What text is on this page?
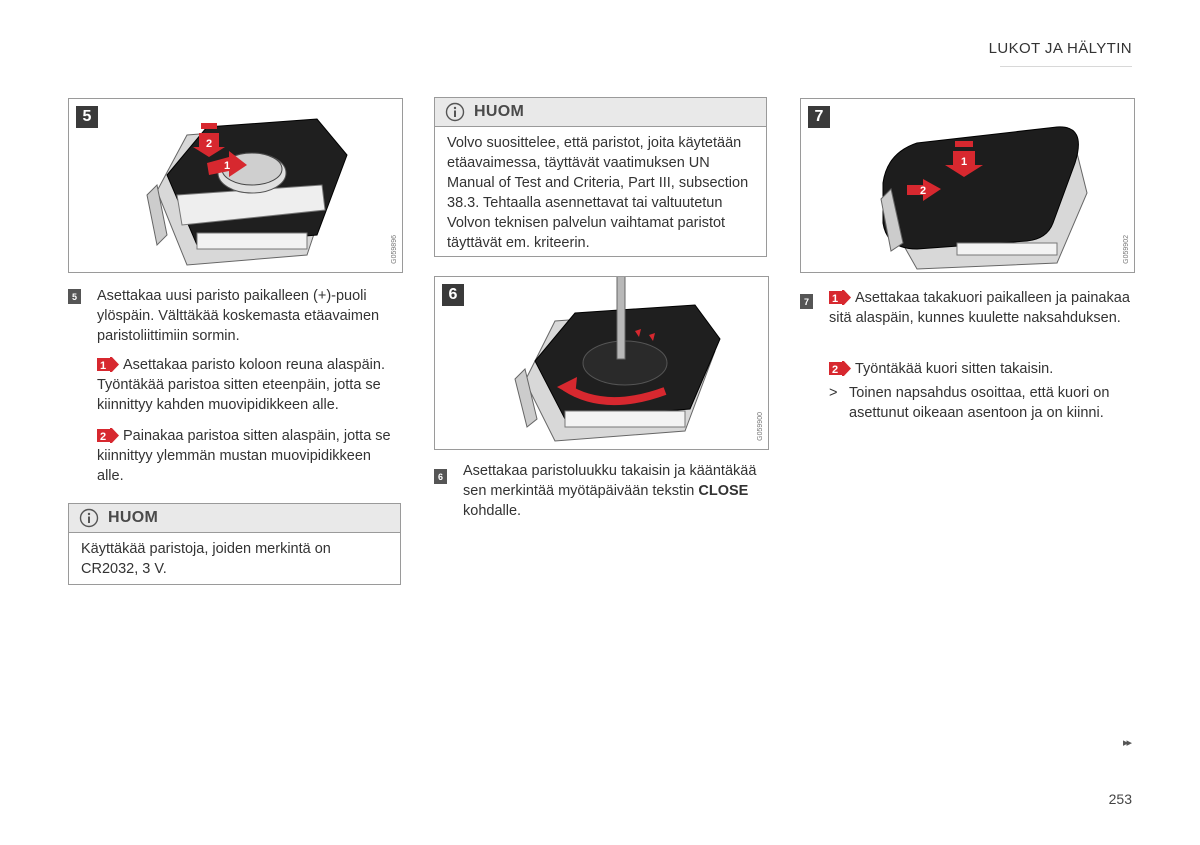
LUKOT JA HÄLYTIN
2
1
5
G059896
5 Asettakaa uusi paristo paikalleen (+)-puoli ylöspäin. Välttäkää koskemasta etäavaimen paristoliittimiin sormin.
1 Asettakaa paristo koloon reuna alaspäin. Työntäkää paristoa sitten eteenpäin, jotta se kiinnittyy kahden muovipidikkeen alle.
2 Painakaa paristoa sitten alaspäin, jotta se kiinnittyy ylemmän mustan muovipidikkeen alle.
HUOM
Käyttäkää paristoja, joiden merkintä on CR2032, 3 V.
HUOM
Volvo suosittelee, että paristot, joita käytetään etäavaimessa, täyttävät vaatimuksen UN Manual of Test and Criteria, Part III, subsection 38.3. Tehtaalla asennettavat tai valtuutetun Volvon teknisen palvelun vaihtamat paristot täyttävät em. kriteerin.
6
G059900
6 Asettakaa paristoluukku takaisin ja kääntäkää sen merkintää myötäpäivään tekstin CLOSE kohdalle.
1
2
7
G059902
7	1 Asettakaa takakuori paikalleen ja painakaa sitä alaspäin, kunnes kuulette naksahduksen.
2 Työntäkää kuori sitten takaisin.
> Toinen napsahdus osoittaa, että kuori on asettunut oikeaan asentoon ja on kiinni.
▸▸
253
